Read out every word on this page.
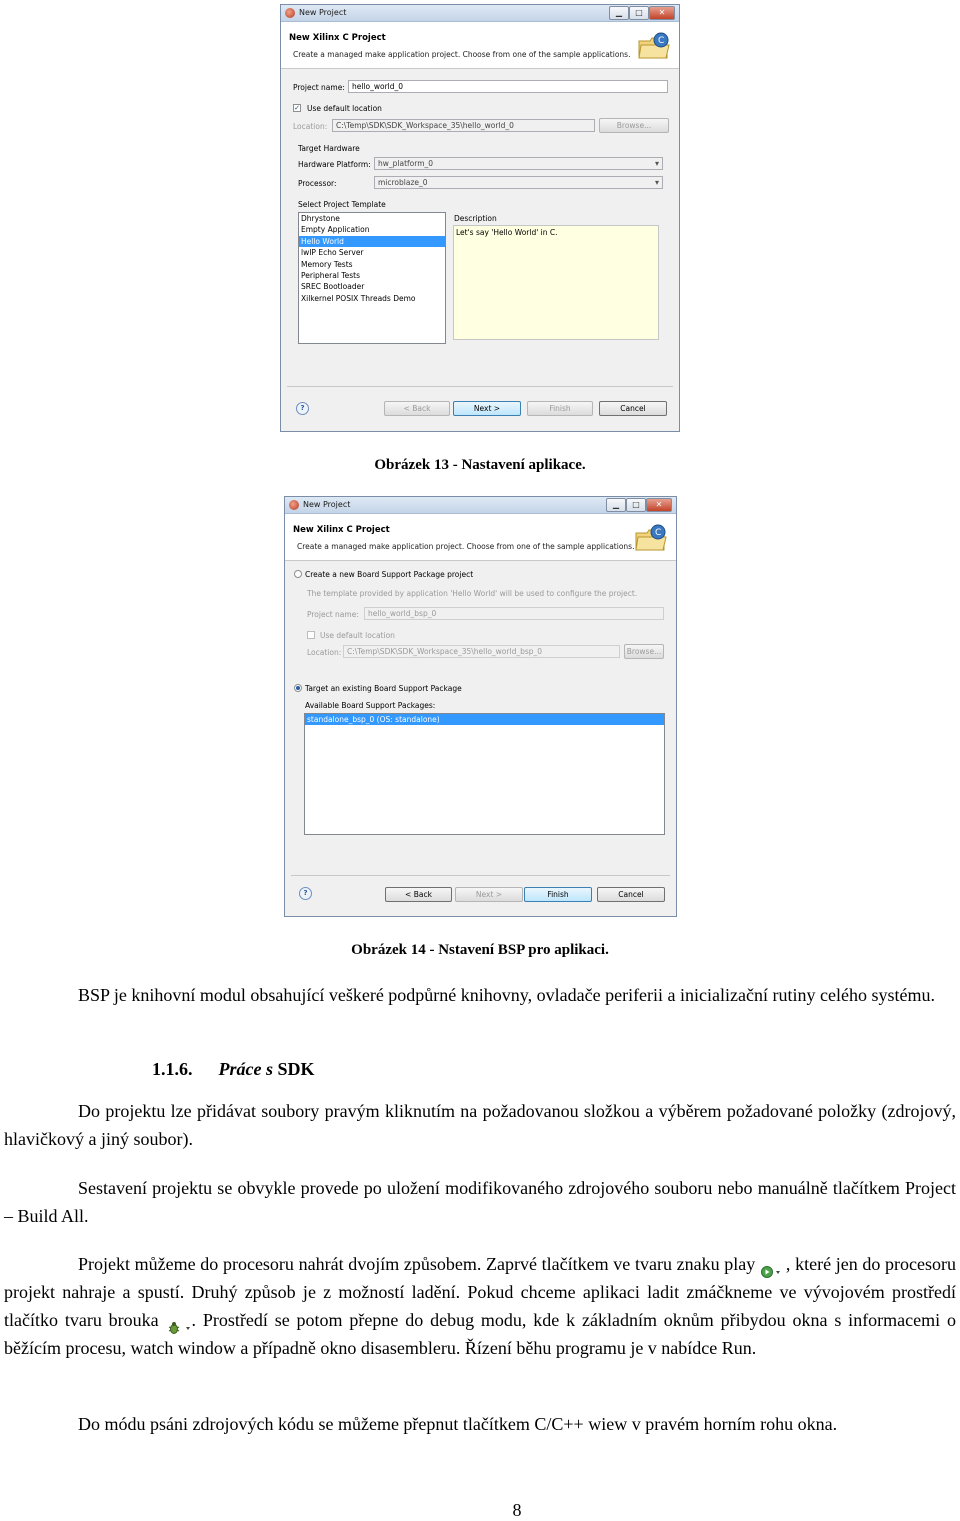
New Project	▁	□	✕
New Xilinx C Project
Create a managed make application project. Choose from one of the sample applications.
C
Project name: hello_world_0
✓ Use default location
Location:	C:\Temp\SDK\SDK_Workspace_35\hello_world_0	Browse...
Target Hardware
Hardware Platform: hw_platform_0 ▾
Processor:	microblaze_0 ▾
Select Project Template
Dhrystone
Empty Application
Hello World
lwIP Echo Server
Memory Tests
Peripheral Tests
SREC Bootloader
Xilkernel POSIX Threads Demo
Description
Let's say 'Hello World' in C.
?	< Back	Next >	Finish	Cancel
Obrázek 13 - Nastavení aplikace.
New Project	▁	□	✕
New Xilinx C Project
Create a managed make application project. Choose from one of the sample applications.
C
Create a new Board Support Package project
The template provided by application 'Hello World' will be used to configure the project.
Project name:	hello_world_bsp_0
Use default location
Location: C:\Temp\SDK\SDK_Workspace_35\hello_world_bsp_0	Browse...
Target an existing Board Support Package
Available Board Support Packages:
standalone_bsp_0 (OS: standalone)
?	< Back	Next >	Finish	Cancel
Obrázek 14 - Nstavení BSP pro aplikaci.
BSP je knihovní modul obsahující veškeré podpůrné knihovny, ovladače periferii a inicializační rutiny celého systému.
1.1.6. Práce s SDK
Do projektu lze přidávat soubory pravým kliknutím na požadovanou složkou a výběrem požadované položky (zdrojový, hlavičkový a jiný soubor).
Sestavení projektu se obvykle provede po uložení modifikovaného zdrojového souboru nebo manuálně tlačítkem Project – Build All.
Projekt můžeme do procesoru nahrát dvojím způsobem. Zaprvé tlačítkem ve tvaru znaku play , které jen do procesoru projekt nahraje a spustí. Druhý způsob je z možností ladění. Pokud chceme aplikaci ladit zmáčkneme ve vývojovém prostředí tlačítko tvaru brouka . Prostředí se potom přepne do debug modu, kde k základním oknům přibydou okna s informacemi o běžícím procesu, watch window a případně okno disasembleru. Řízení běhu programu je v nabídce Run.
Do módu psáni zdrojových kódu se můžeme přepnut tlačítkem C/C++ wiew v pravém horním rohu okna.
8
